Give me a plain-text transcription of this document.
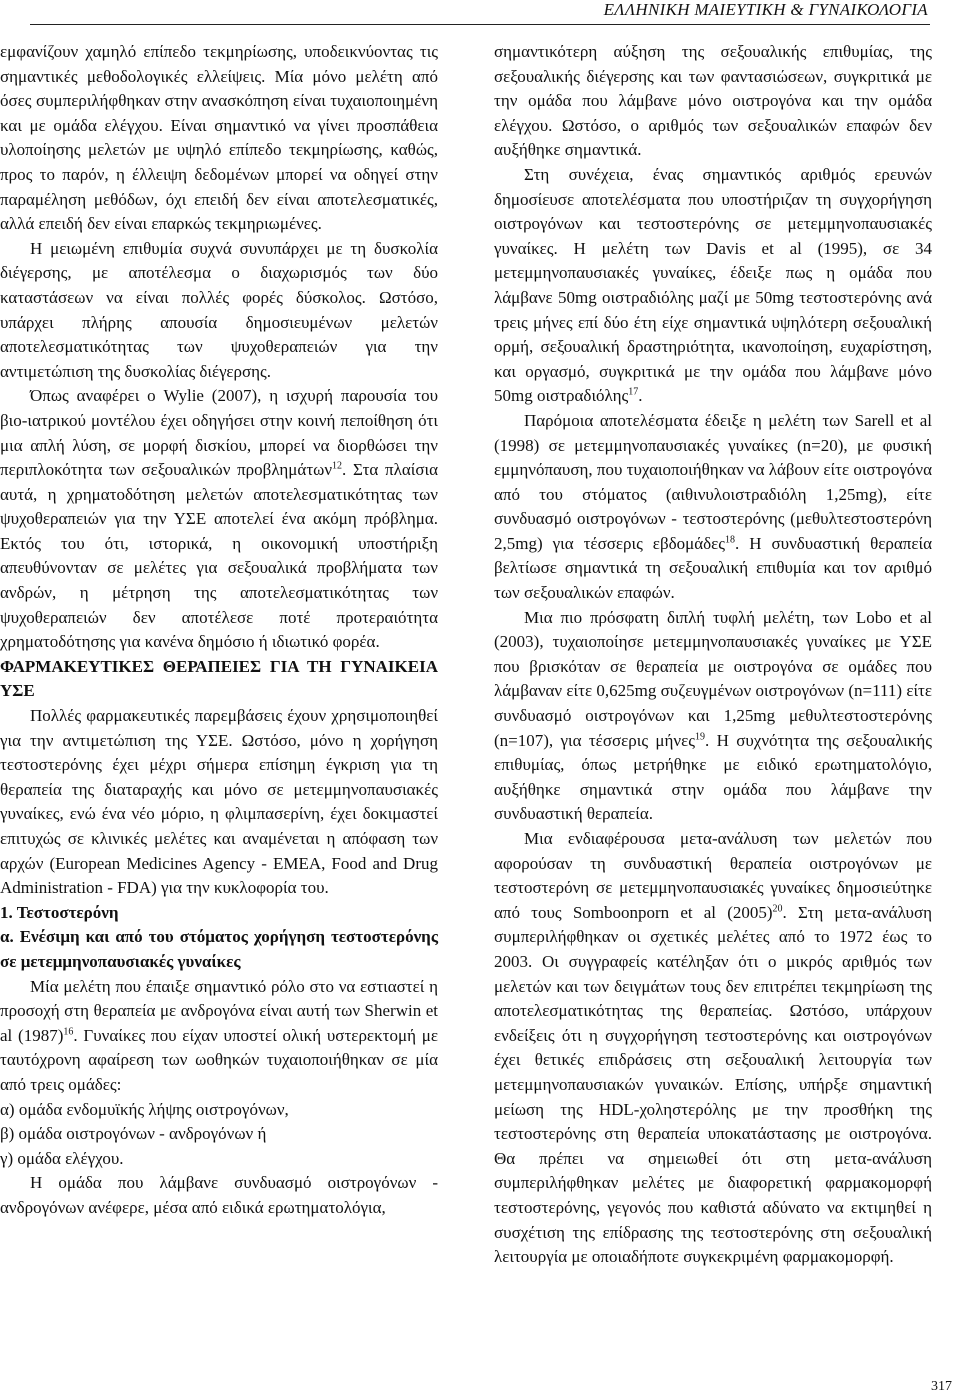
ΕΛΛΗΝΙΚΗ ΜΑΙΕΥΤΙΚΗ & ΓΥΝΑΙΚΟΛΟΓΙΑ

εμφανίζουν χαμηλό επίπεδο τεκμηρίωσης, υποδεικνύοντας τις σημαντικές μεθοδολογικές ελλείψεις. Μία μόνο μελέτη από όσες συμπεριλήφθηκαν στην ανασκόπηση είναι τυχαιοποιημένη και με ομάδα ελέγχου. Είναι σημαντικό να γίνει προσπάθεια υλοποίησης μελετών με υψηλό επίπεδο τεκμηρίωσης, καθώς, προς το παρόν, η έλλειψη δεδομένων μπορεί να οδηγεί στην παραμέληση μεθόδων, όχι επειδή δεν είναι αποτελεσματικές, αλλά επειδή δεν είναι επαρκώς τεκμηριωμένες.

Η μειωμένη επιθυμία συχνά συνυπάρχει με τη δυσκολία διέγερσης, με αποτέλεσμα ο διαχωρισμός των δύο καταστάσεων να είναι πολλές φορές δύσκολος. Ωστόσο, υπάρχει πλήρης απουσία δημοσιευμένων μελετών αποτελεσματικότητας των ψυχοθεραπειών για την αντιμετώπιση της δυσκολίας διέγερσης.

Όπως αναφέρει ο Wylie (2007), η ισχυρή παρουσία του βιο-ιατρικού μοντέλου έχει οδηγήσει στην κοινή πεποίθηση ότι μια απλή λύση, σε μορφή δισκίου, μπορεί να διορθώσει την περιπλοκότητα των σεξουαλικών προβλημάτων$^{12}$. Στα πλαίσια αυτά, η χρηματοδότηση μελετών αποτελεσματικότητας των ψυχοθεραπειών για την ΥΣΕ αποτελεί ένα ακόμη πρόβλημα. Εκτός του ότι, ιστορικά, η οικονομική υποστήριξη απευθύνονταν σε μελέτες για σεξουαλικά προβλήματα των ανδρών, η μέτρηση της αποτελεσματικότητας των ψυχοθεραπειών δεν αποτέλεσε ποτέ προτεραιότητα χρηματοδότησης για κανένα δημόσιο ή ιδιωτικό φορέα.

ΦΑΡΜΑΚΕΥΤΙΚΕΣ ΘΕΡΑΠΕΙΕΣ ΓΙΑ ΤΗ ΓΥΝΑΙΚΕΙΑ ΥΣΕ

Πολλές φαρμακευτικές παρεμβάσεις έχουν χρησιμοποιηθεί για την αντιμετώπιση της ΥΣΕ. Ωστόσο, μόνο η χορήγηση τεστοστερόνης έχει μέχρι σήμερα επίσημη έγκριση για τη θεραπεία της διαταραχής και μόνο σε μετεμμηνοπαυσιακές γυναίκες, ενώ ένα νέο μόριο, η φλιμπασερίνη, έχει δοκιμαστεί επιτυχώς σε κλινικές μελέτες και αναμένεται η απόφαση των αρχών (European Medicines Agency - EMEA, Food and Drug Administration - FDA) για την κυκλοφορία του.

1. Τεστοστερόνη

α. Ενέσιμη και από του στόματος χορήγηση τεστοστερόνης σε μετεμμηνοπαυσιακές γυναίκες

Μία μελέτη που έπαιξε σημαντικό ρόλο στο να εστιαστεί η προσοχή στη θεραπεία με ανδρογόνα είναι αυτή των Sherwin et al $(1987)^{16}$. Γυναίκες που είχαν υποστεί ολική υστερεκτομή με ταυτόχρονη αφαίρεση των ωοθηκών τυχαιοποιήθηκαν σε μία από τρεις ομάδες:

α) ομάδα ενδομυϊκής λήψης οιστρογόνων,

β) ομάδα οιστρογόνων - ανδρογόνων ή

γ) ομάδα ελέγχου.

Η ομάδα που λάμβανε συνδυασμό οιστρογόνων - ανδρογόνων ανέφερε, μέσα από ειδικά ερωτηματολόγια,

σημαντικότερη αύξηση της σεξουαλικής επιθυμίας, της σεξουαλικής διέγερσης και των φαντασιώσεων, συγκριτικά με την ομάδα που λάμβανε μόνο οιστρογόνα και την ομάδα ελέγχου. Ωστόσο, ο αριθμός των σεξουαλικών επαφών δεν αυξήθηκε σημαντικά.

Στη συνέχεια, ένας σημαντικός αριθμός ερευνών δημοσίευσε αποτελέσματα που υποστήριζαν τη συγχορήγηση οιστρογόνων και τεστοστερόνης σε μετεμμηνοπαυσιακές γυναίκες. Η μελέτη των Davis et al (1995), σε 34 μετεμμηνοπαυσιακές γυναίκες, έδειξε πως η ομάδα που λάμβανε 50mg οιστραδιόλης μαζί με 50mg τεστοστερόνης ανά τρεις μήνες επί δύο έτη είχε σημαντικά υψηλότερη σεξουαλική ορμή, σεξουαλική δραστηριότητα, ικανοποίηση, ευχαρίστηση, και οργασμό, συγκριτικά με την ομάδα που λάμβανε μόνο 50mg οιστραδιόλης$^{17}$.

Παρόμοια αποτελέσματα έδειξε η μελέτη των Sarell et al (1998) σε μετεμμηνοπαυσιακές γυναίκες (n=20), με φυσική εμμηνόπαυση, που τυχαιοποιήθηκαν να λάβουν είτε οιστρογόνα από του στόματος (αιθινυλοιστραδιόλη 1,25mg), είτε συνδυασμό οιστρογόνων - τεστοστερόνης (μεθυλτεστοστερόνη 2,5mg) για τέσσερις εβδομάδες$^{18}$. Η συνδυαστική θεραπεία βελτίωσε σημαντικά τη σεξουαλική επιθυμία και τον αριθμό των σεξουαλικών επαφών.

Μια πιο πρόσφατη διπλή τυφλή μελέτη, των Lobo et al (2003), τυχαιοποίησε μετεμμηνοπαυσιακές γυναίκες με ΥΣΕ που βρισκόταν σε θεραπεία με οιστρογόνα σε ομάδες που λάμβαναν είτε 0,625mg συζευγμένων οιστρογόνων (n=111) είτε συνδυασμό οιστρογόνων και 1,25mg μεθυλτεστοστερόνης (n=107), για τέσσερις μήνες$^{19}$. Η συχνότητα της σεξουαλικής επιθυμίας, όπως μετρήθηκε με ειδικό ερωτηματολόγιο, αυξήθηκε σημαντικά στην ομάδα που λάμβανε την συνδυαστική θεραπεία.

Μια ενδιαφέρουσα μετα-ανάλυση των μελετών που αφορούσαν τη συνδυαστική θεραπεία οιστρογόνων με τεστοστερόνη σε μετεμμηνοπαυσιακές γυναίκες δημοσιεύτηκε από τους Somboonporn et al $(2005)^{20}$. Στη μετα-ανάλυση συμπεριλήφθηκαν οι σχετικές μελέτες από το 1972 έως το 2003. Οι συγγραφείς κατέληξαν ότι ο μικρός αριθμός των μελετών και των δειγμάτων τους δεν επιτρέπει τεκμηρίωση της αποτελεσματικότητας της θεραπείας. Ωστόσο, υπάρχουν ενδείξεις ότι η συγχορήγηση τεστοστερόνης και οιστρογόνων έχει θετικές επιδράσεις στη σεξουαλική λειτουργία των μετεμμηνοπαυσιακών γυναικών. Επίσης, υπήρξε σημαντική μείωση της HDL-χοληστερόλης με την προσθήκη της τεστοστερόνης στη θεραπεία υποκατάστασης με οιστρογόνα. Θα πρέπει να σημειωθεί ότι στη μετα-ανάλυση συμπεριλήφθηκαν μελέτες με διαφορετική φαρμακομορφή τεστοστερόνης, γεγονός που καθιστά αδύνατο να εκτιμηθεί η συσχέτιση της επίδρασης της τεστοστερόνης στη σεξουαλική λειτουργία με οποιαδήποτε συγκεκριμένη φαρμακομορφή.

317
